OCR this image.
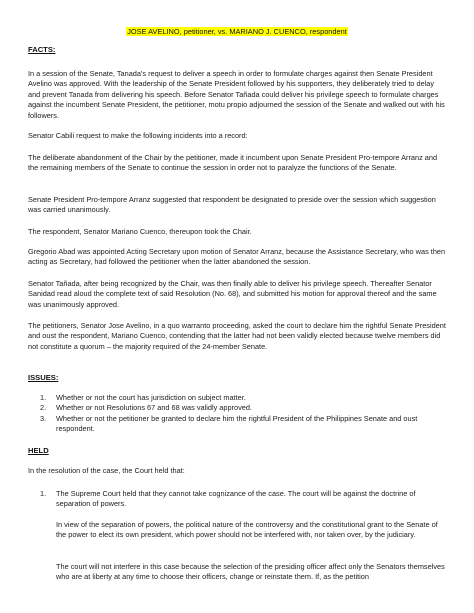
JOSE AVELINO, petitioner, vs. MARIANO J. CUENCO, respondent
FACTS:
In a session of the Senate, Tanada's request to deliver a speech in order to formulate charges against then Senate President Avelino was approved. With the leadership of the Senate President followed by his supporters, they deliberately tried to delay and prevent Tanada from delivering his speech. Before Senator Tañada could deliver his privilege speech to formulate charges against the incumbent Senate President, the petitioner, motu propio adjourned the session of the Senate and walked out with his followers.
Senator Cabili request to make the following incidents into a record:
The deliberate abandonment of the Chair by the petitioner, made it incumbent upon Senate President Pro-tempore Arranz and the remaining members of the Senate to continue the session in order not to paralyze the functions of the Senate.
Senate President Pro-tempore Arranz suggested that respondent be designated to preside over the session which suggestion was carried unanimously.
The respondent, Senator Mariano Cuenco, thereupon took the Chair.
Gregorio Abad was appointed Acting Secretary upon motion of Senator Arranz, because the Assistance Secretary, who was then acting as Secretary, had followed the petitioner when the latter abandoned the session.
Senator Tañada, after being recognized by the Chair, was then finally able to deliver his privilege speech. Thereafter Senator Sanidad read aloud the complete text of said Resolution (No. 68), and submitted his motion for approval thereof and the same was unanimously approved.
The petitioners, Senator Jose Avelino, in a quo warranto proceeding, asked the court to declare him the rightful Senate President and oust the respondent, Mariano Cuenco, contending that the latter had not been validly elected because twelve members did not constitute a quorum – the majority required of the 24-member Senate.
ISSUES:
1. Whether or not the court has jurisdiction on subject matter.
2. Whether or not Resolutions 67 and 68 was validly approved.
3. Whether or not the petitioner be granted to declare him the rightful President of the Philippines Senate and oust respondent.
HELD
In the resolution of the case, the Court held that:
1. The Supreme Court held that they cannot take cognizance of the case. The court will be against the doctrine of separation of powers.
In view of the separation of powers, the political nature of the controversy and the constitutional grant to the Senate of the power to elect its own president, which power should not be interfered with, nor taken over, by the judiciary.
The court will not interfere in this case because the selection of the presiding officer affect only the Senators themselves who are at liberty at any time to choose their officers, change or reinstate them. If, as the petition
